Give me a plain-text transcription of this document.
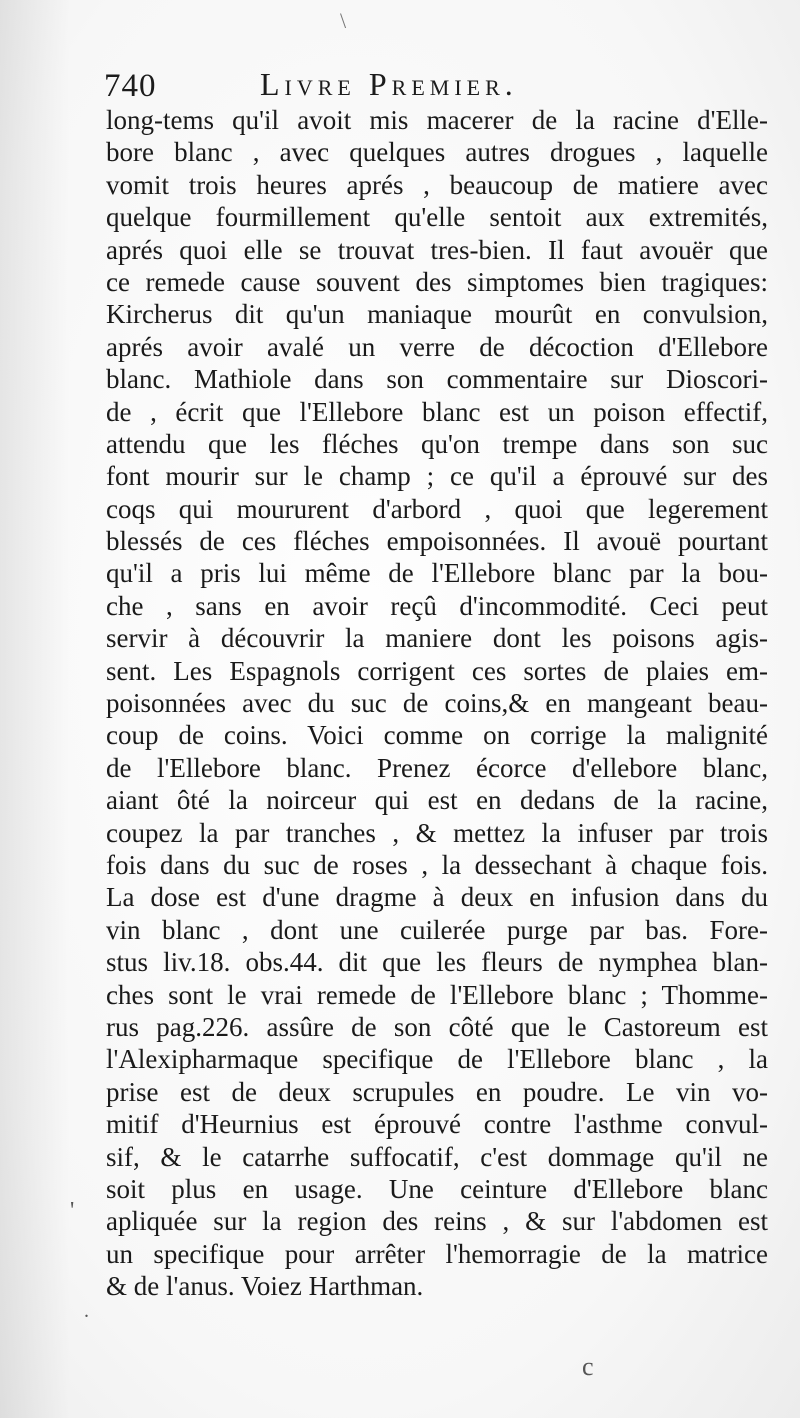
\
740	Livre Premier.
long-tems qu'il avoit mis macerer de la racine d'Elle-
bore blanc , avec quelques autres drogues , laquelle
vomit trois heures aprés , beaucoup de matiere avec
quelque fourmillement qu'elle sentoit aux extremités,
aprés quoi elle se trouvat tres-bien. Il faut avouër que
ce remede cause souvent des simptomes bien tragiques:
Kircherus dit qu'un maniaque mourût en convulsion,
aprés avoir avalé un verre de décoction d'Ellebore
blanc. Mathiole dans son commentaire sur Dioscori-
de , écrit que l'Ellebore blanc est un poison effectif,
attendu que les fléches qu'on trempe dans son suc
font mourir sur le champ ; ce qu'il a éprouvé sur des
coqs qui moururent d'arbord , quoi que legerement
blessés de ces fléches empoisonnées. Il avouë pourtant
qu'il a pris lui même de l'Ellebore blanc par la bou-
che , sans en avoir reçû d'incommodité. Ceci peut
servir à découvrir la maniere dont les poisons agis-
sent. Les Espagnols corrigent ces sortes de plaies em-
poisonnées avec du suc de coins,& en mangeant beau-
coup de coins. Voici comme on corrige la malignité
de l'Ellebore blanc. Prenez écorce d'ellebore blanc,
aiant ôté la noirceur qui est en dedans de la racine,
coupez la par tranches , & mettez la infuser par trois
fois dans du suc de roses , la dessechant à chaque fois.
La dose est d'une dragme à deux en infusion dans du
vin blanc , dont une cuilerée purge par bas. Fore-
stus liv.18. obs.44. dit que les fleurs de nymphea blan-
ches sont le vrai remede de l'Ellebore blanc ; Thomme-
rus pag.226. assûre de son côté que le Castoreum est
l'Alexipharmaque specifique de l'Ellebore blanc , la
prise est de deux scrupules en poudre. Le vin vo-
mitif d'Heurnius est éprouvé contre l'asthme convul-
sif, & le catarrhe suffocatif, c'est dommage qu'il ne
soit plus en usage. Une ceinture d'Ellebore blanc
apliquée sur la region des reins , & sur l'abdomen est
un specifique pour arrêter l'hemorragie de la matrice
& de l'anus. Voiez Harthman.
'
.
c
